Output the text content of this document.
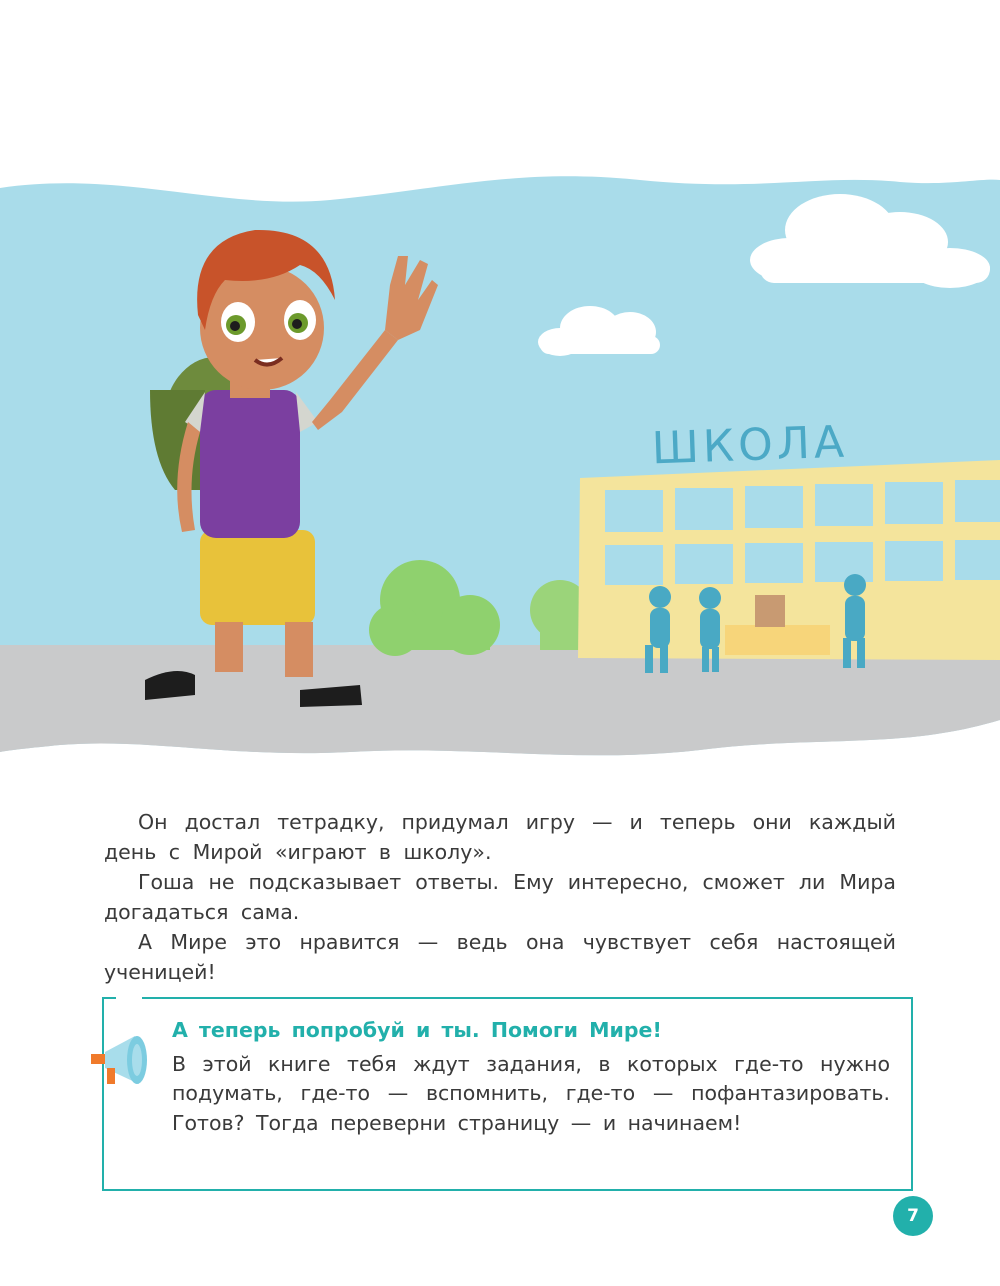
ШКОЛА

Он достал тетрадку, придумал игру — и теперь они каждый день с Мирой «играют в школу».

Гоша не подсказывает ответы. Ему интересно, сможет ли Мира догадаться сама.

А Мире это нравится — ведь она чувствует себя настоящей ученицей!

А теперь попробуй и ты. Помоги Мире!

В этой книге тебя ждут задания, в которых где-то нужно подумать, где-то — вспомнить, где-то — пофантазировать. Готов? Тогда переверни страницу — и начинаем!

7
